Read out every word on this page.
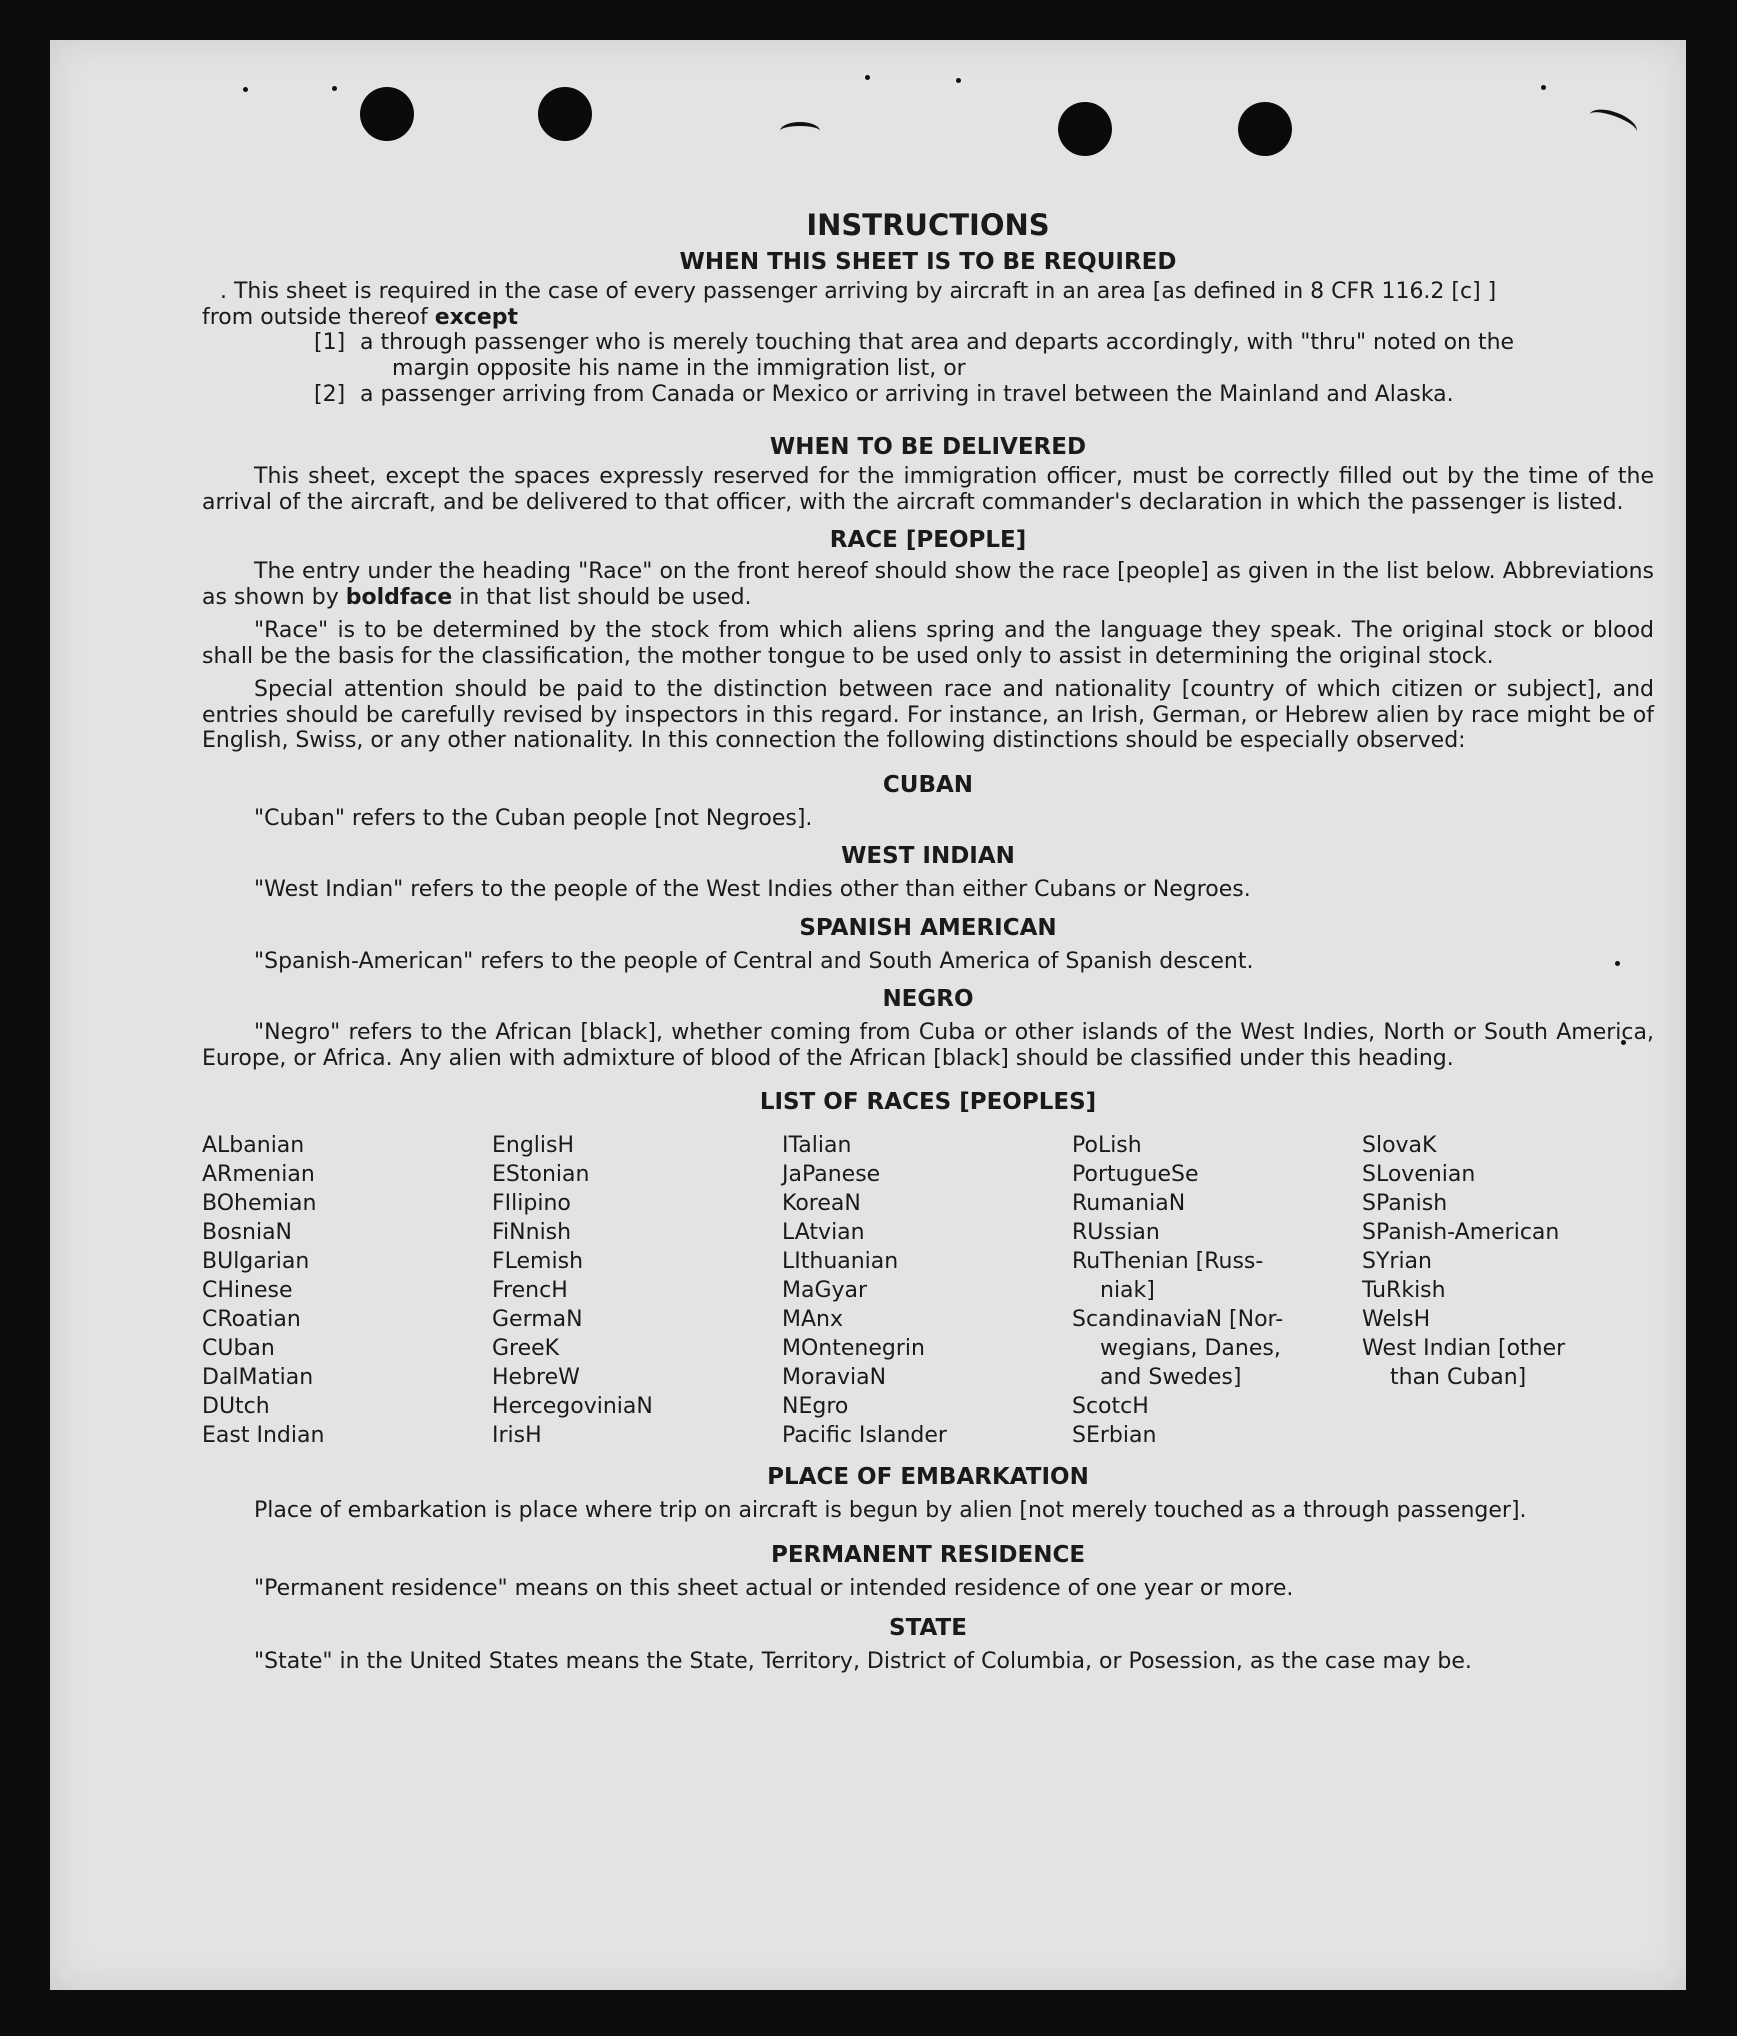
INSTRUCTIONS
WHEN THIS SHEET IS TO BE REQUIRED

. This sheet is required in the case of every passenger arriving by aircraft in an area [as defined in 8 CFR 116.2 [c] ]

from outside thereof except

[1] a through passenger who is merely touching that area and departs accordingly, with "thru" noted on the
margin opposite his name in the immigration list, or
[2] a passenger arriving from Canada or Mexico or arriving in travel between the Mainland and Alaska.
WHEN TO BE DELIVERED

This sheet, except the spaces expressly reserved for the immigration officer, must be correctly filled out by the time of the arrival of the aircraft, and be delivered to that officer, with the aircraft commander's declaration in which the passenger is listed.

RACE [PEOPLE]

The entry under the heading "Race" on the front hereof should show the race [people] as given in the list below. Abbreviations as shown by boldface in that list should be used.

"Race" is to be determined by the stock from which aliens spring and the language they speak. The original stock or blood shall be the basis for the classification, the mother tongue to be used only to assist in determining the original stock.

Special attention should be paid to the distinction between race and nationality [country of which citizen or subject], and entries should be carefully revised by inspectors in this regard. For instance, an Irish, German, or Hebrew alien by race might be of English, Swiss, or any other nationality. In this connection the following distinctions should be especially observed:

CUBAN

"Cuban" refers to the Cuban people [not Negroes].

WEST INDIAN

"West Indian" refers to the people of the West Indies other than either Cubans or Negroes.

SPANISH AMERICAN

"Spanish-American" refers to the people of Central and South America of Spanish descent.

NEGRO

"Negro" refers to the African [black], whether coming from Cuba or other islands of the West Indies, North or South America, Europe, or Africa. Any alien with admixture of blood of the African [black] should be classified under this heading.

LIST OF RACES [PEOPLES]
ALbanian
ARmenian
BOhemian
BosniaN
BUlgarian
CHinese
CRoatian
CUban
DalMatian
DUtch
East Indian
EnglisH
EStonian
FIlipino
FiNnish
FLemish
FrencH
GermaN
GreeK
HebreW
HercegoviniaN
IrisH
ITalian
JaPanese
KoreaN
LAtvian
LIthuanian
MaGyar
MAnx
MOntenegrin
MoraviaN
NEgro
Pacific Islander
PoLish
PortugueSe
RumaniaN
RUssian
RuThenian [Russ-
niak]
ScandinaviaN [Nor-
wegians, Danes,
and Swedes]
ScotcH
SErbian
SlovaK
SLovenian
SPanish
SPanish-American
SYrian
TuRkish
WelsH
West Indian [other
than Cuban]
PLACE OF EMBARKATION

Place of embarkation is place where trip on aircraft is begun by alien [not merely touched as a through passenger].

PERMANENT RESIDENCE

"Permanent residence" means on this sheet actual or intended residence of one year or more.

STATE

"State" in the United States means the State, Territory, District of Columbia, or Posession, as the case may be.
